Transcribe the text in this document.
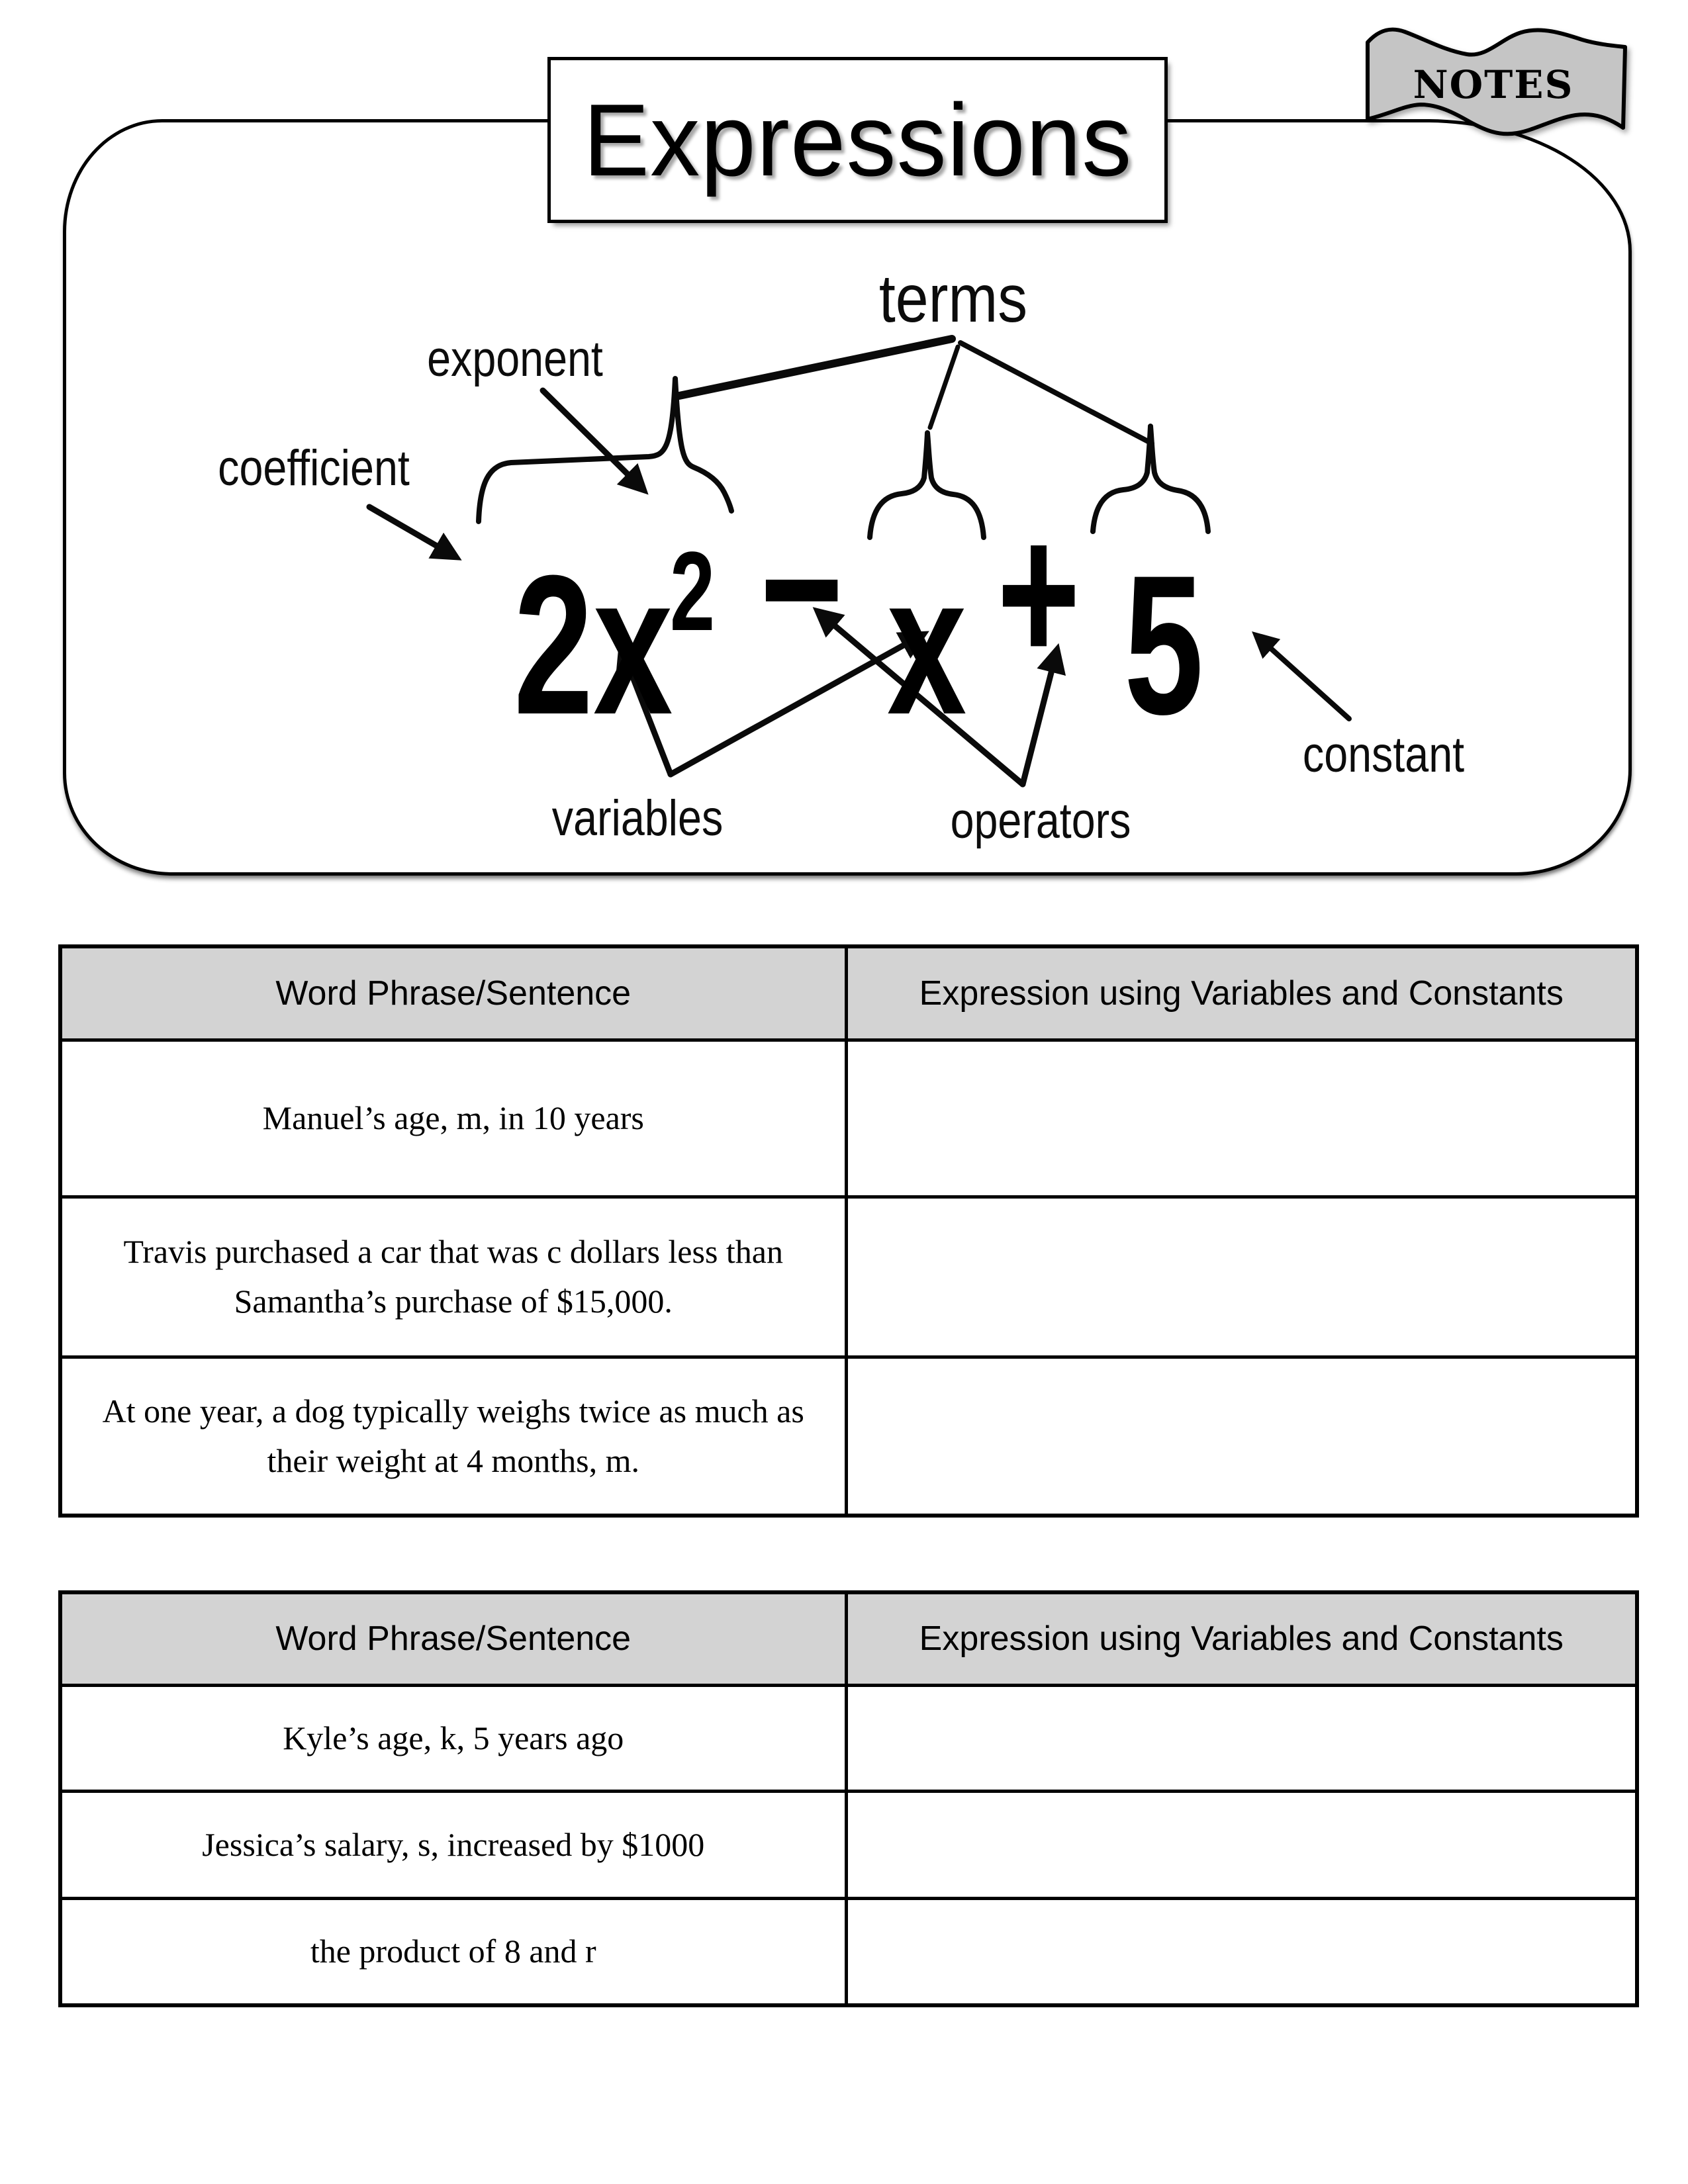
terms
exponent
coefficient
variables	operators
constant
2x
2 − x + 5
Expressions	NOTES
Word Phrase/Sentence	Expression using Variables and Constants
Manuel’s age, m, in 10 years	
Travis purchased a car that was c dollars less than Samantha’s purchase of $15,000.	
At one year, a dog typically weighs twice as much as their weight at 4 months, m.	
Word Phrase/Sentence	Expression using Variables and Constants
Kyle’s age, k, 5 years ago	
Jessica’s salary, s, increased by $1000	
the product of 8 and r	
